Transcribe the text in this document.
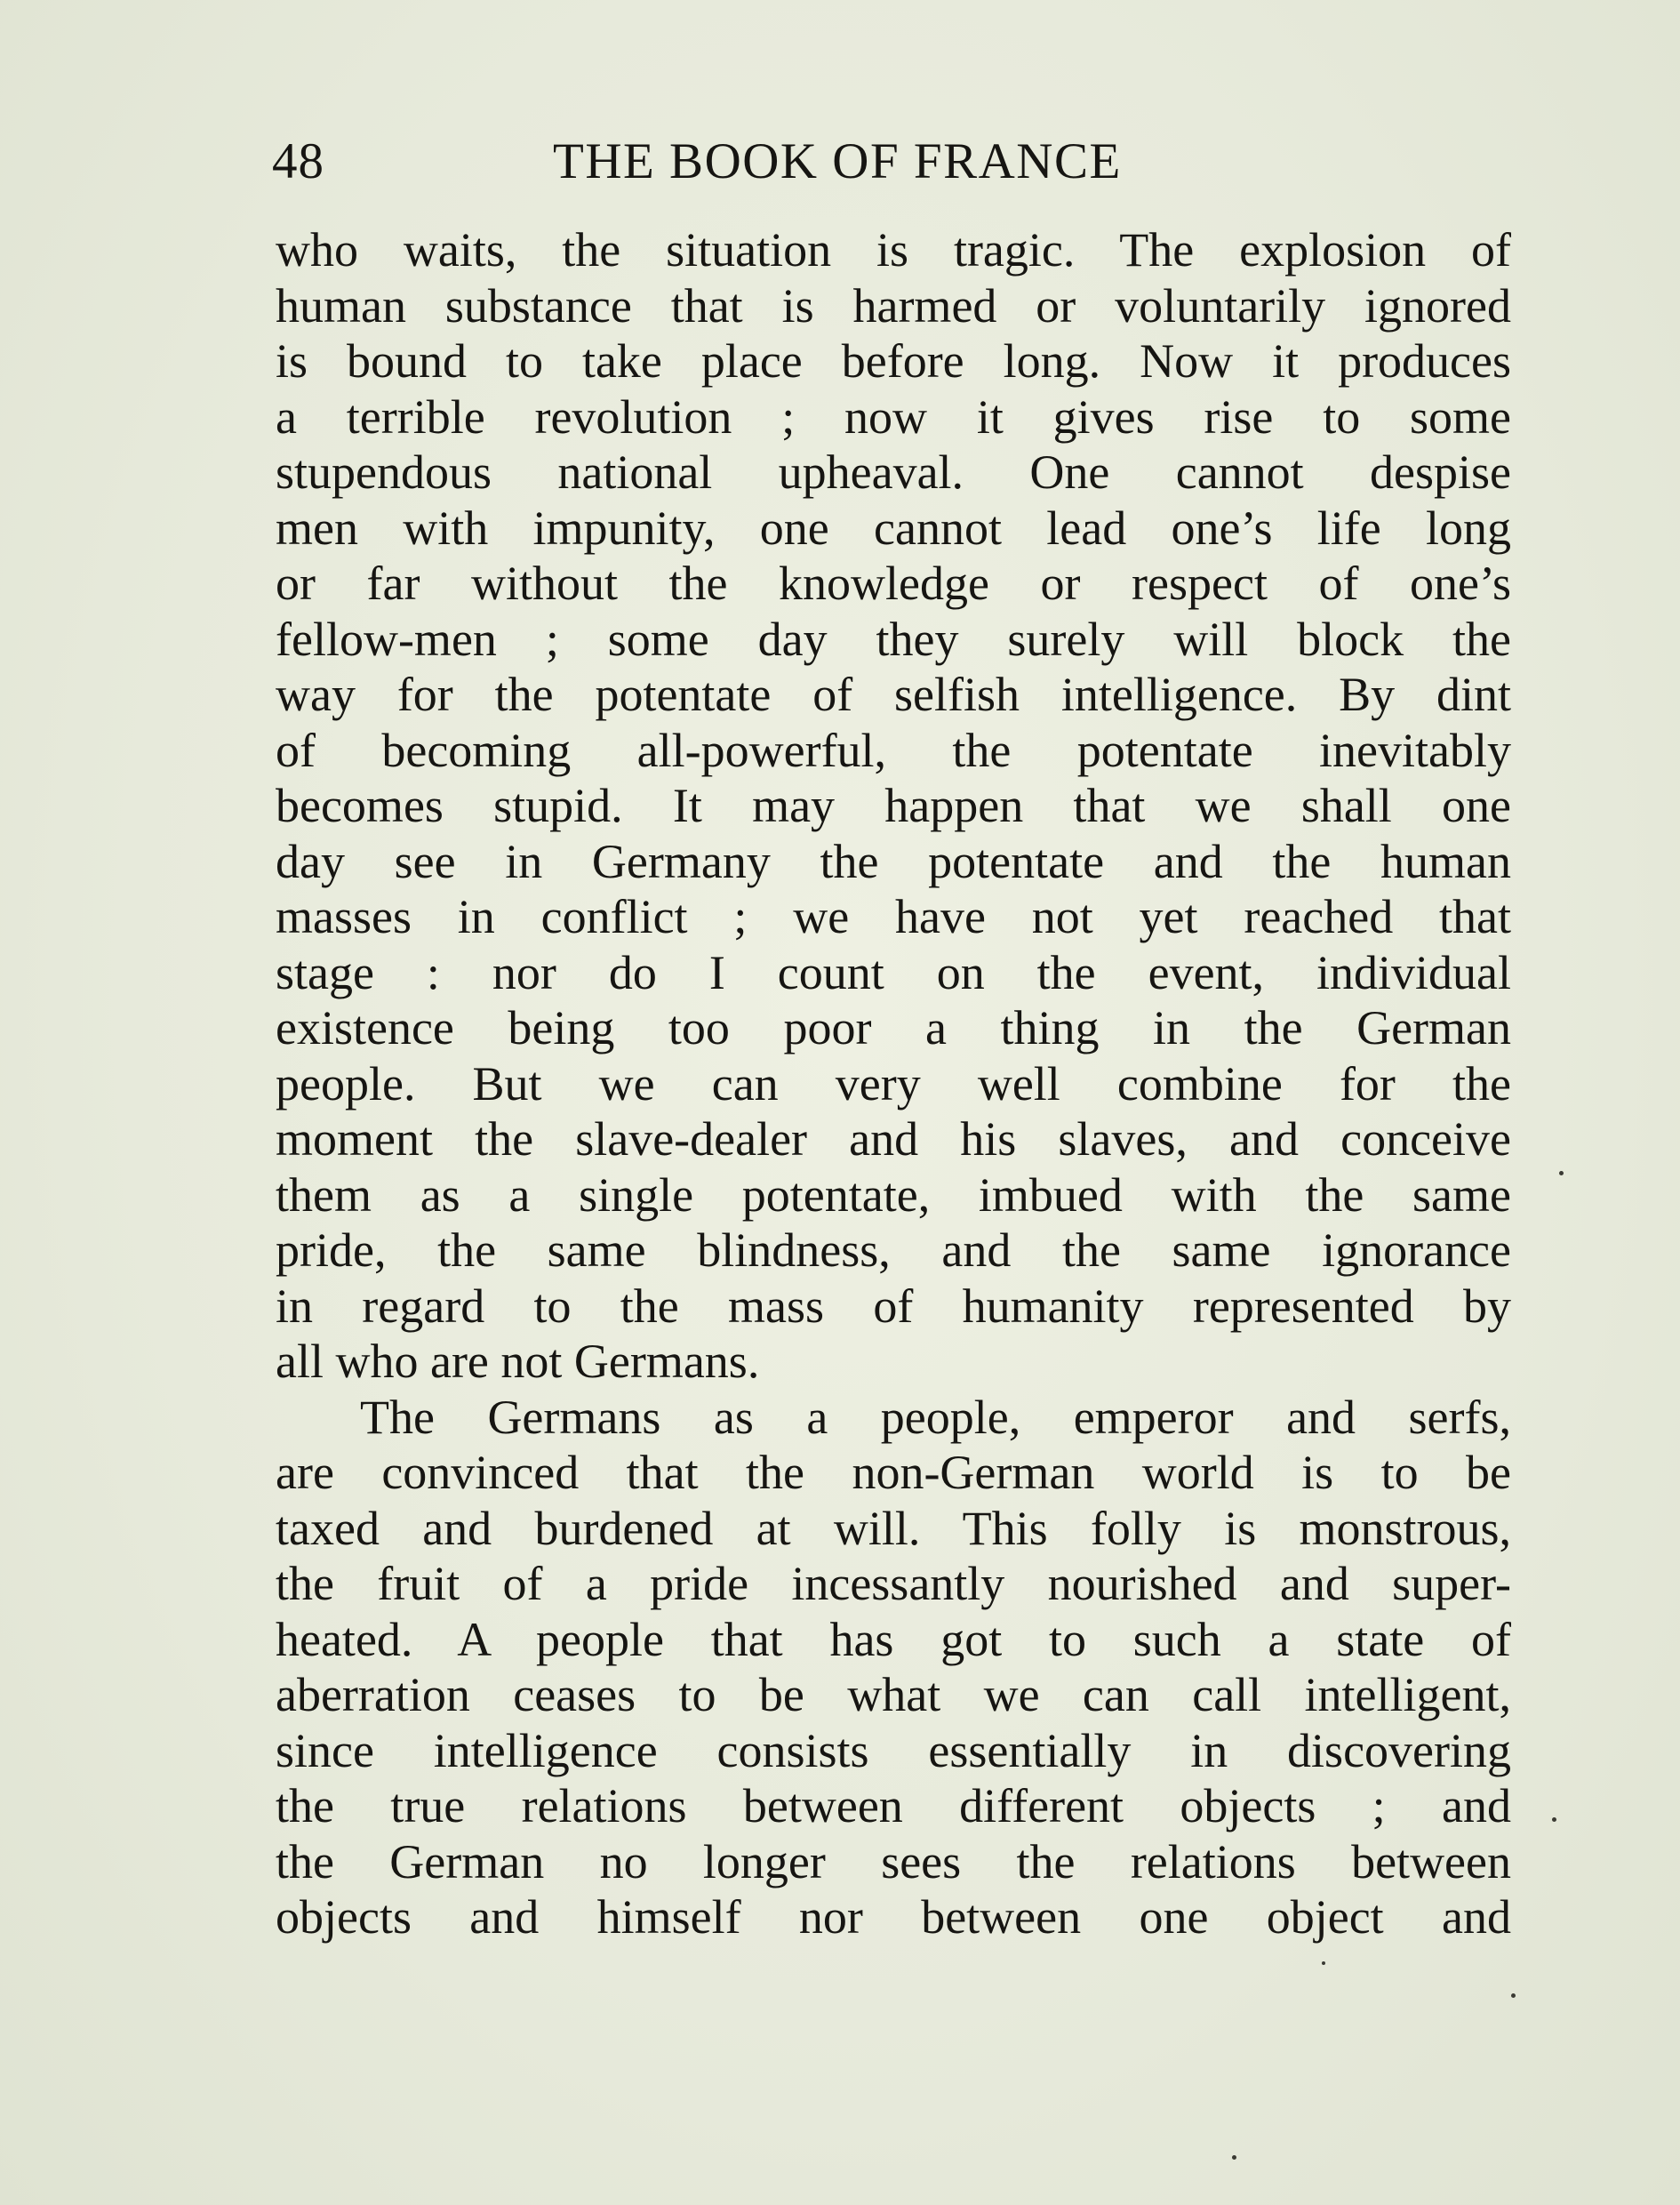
48	THE BOOK OF FRANCE
who waits, the situation is tragic. The explosion of
human substance that is harmed or voluntarily ignored
is bound to take place before long. Now it produces
a terrible revolution ; now it gives rise to some
stupendous national upheaval. One cannot despise
men with impunity, one cannot lead one’s life long
or far without the knowledge or respect of one’s
fellow-men ; some day they surely will block the
way for the potentate of selfish intelligence. By dint
of becoming all-powerful, the potentate inevitably
becomes stupid. It may happen that we shall one
day see in Germany the potentate and the human
masses in conflict ; we have not yet reached that
stage : nor do I count on the event, individual
existence being too poor a thing in the German
people. But we can very well combine for the
moment the slave-dealer and his slaves, and conceive
them as a single potentate, imbued with the same
pride, the same blindness, and the same ignorance
in regard to the mass of humanity represented by
all who are not Germans.
The Germans as a people, emperor and serfs,
are convinced that the non-German world is to be
taxed and burdened at will. This folly is monstrous,
the fruit of a pride incessantly nourished and super-
heated. A people that has got to such a state of
aberration ceases to be what we can call intelligent,
since intelligence consists essentially in discovering
the true relations between different objects ; and
the German no longer sees the relations between
objects and himself nor between one object and
